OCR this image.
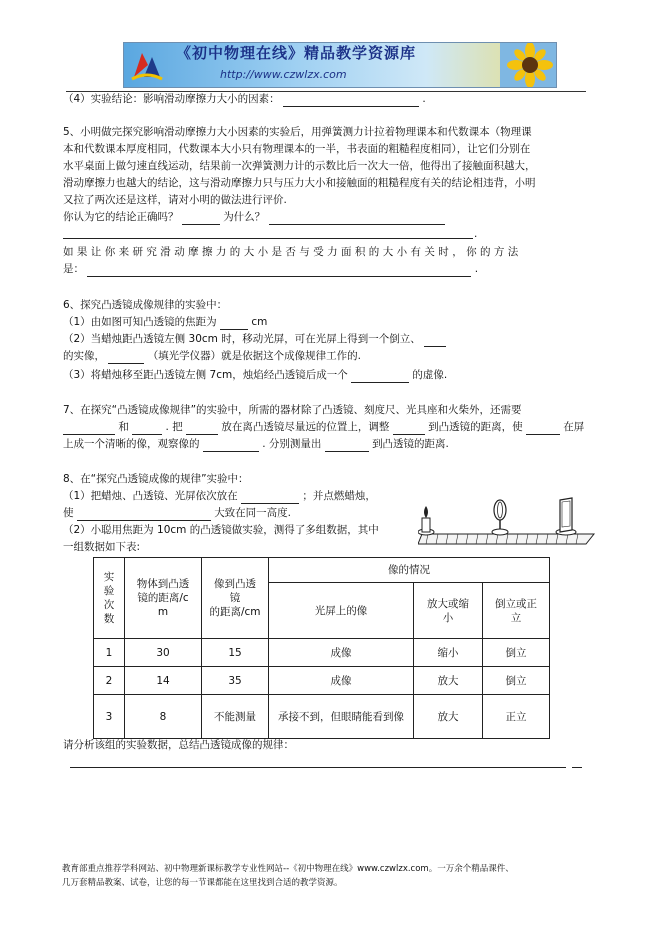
《初中物理在线》精品教学资源库
http://www.czwlzx.com
（4）实验结论：影响滑动摩擦力大小的因素：	.
5、小明做完探究影响滑动摩擦力大小因素的实验后，用弹簧测力计拉着物理课本和代数课本（物理课
本和代数课本厚度相同，代数课本大小只有物理课本的一半，书表面的粗糙程度相同），让它们分别在
水平桌面上做匀速直线运动，结果前一次弹簧测力计的示数比后一次大一倍，他得出了接触面积越大，
滑动摩擦力也越大的结论，这与滑动摩擦力只与压力大小和接触面的粗糙程度有关的结论相违背，小明
又拉了两次还是这样，请对小明的做法进行评价.
你认为它的结论正确吗？	为什么？
.
如果让你来研究滑动摩擦力的大小是否与受力面积的大小有关时，你的方法
是：	.
6、探究凸透镜成像规律的实验中：
（1）由如图可知凸透镜的焦距为	cm
（2）当蜡烛距凸透镜左侧 30cm 时，移动光屏，可在光屏上得到一个倒立、
的实像，	（填光学仪器）就是依据这个成像规律工作的.
（3）将蜡烛移至距凸透镜左侧 7cm，烛焰经凸透镜后成一个	的虚像.
7、在探究“凸透镜成像规律”的实验中，所需的器材除了凸透镜、刻度尺、光具座和火柴外，还需要
和	. 把	放在离凸透镜尽量远的位置上，调整	到凸透镜的距离，使	在屏
上成一个清晰的像，观察像的	. 分别测量出	到凸透镜的距离.
8、在“探究凸透镜成像的规律”实验中：
（1）把蜡烛、凸透镜、光屏依次放在	；并点燃蜡烛，
使	大致在同一高度.
（2）小聪用焦距为 10cm 的凸透镜做实验，测得了多组数据，其中
一组数据如下表:
实
验
次
数	物体到凸透
镜的距离/c
m	像到凸透
镜
的距离/cm	像的情况		
			光屏上的像	放大或缩
小	倒立或正
立
1	30	15	成像	缩小	倒立
2	14	35	成像	放大	倒立
3	8	不能测量	承接不到，但眼睛能看到像	放大	正立
请分析该组的实验数据，总结凸透镜成像的规律：
教育部重点推荐学科网站、初中物理新课标教学专业性网站--《初中物理在线》www.czwlzx.com。一万余个精品课件、
几万套精品教案、试卷，让您的每一节课都能在这里找到合适的教学资源。
